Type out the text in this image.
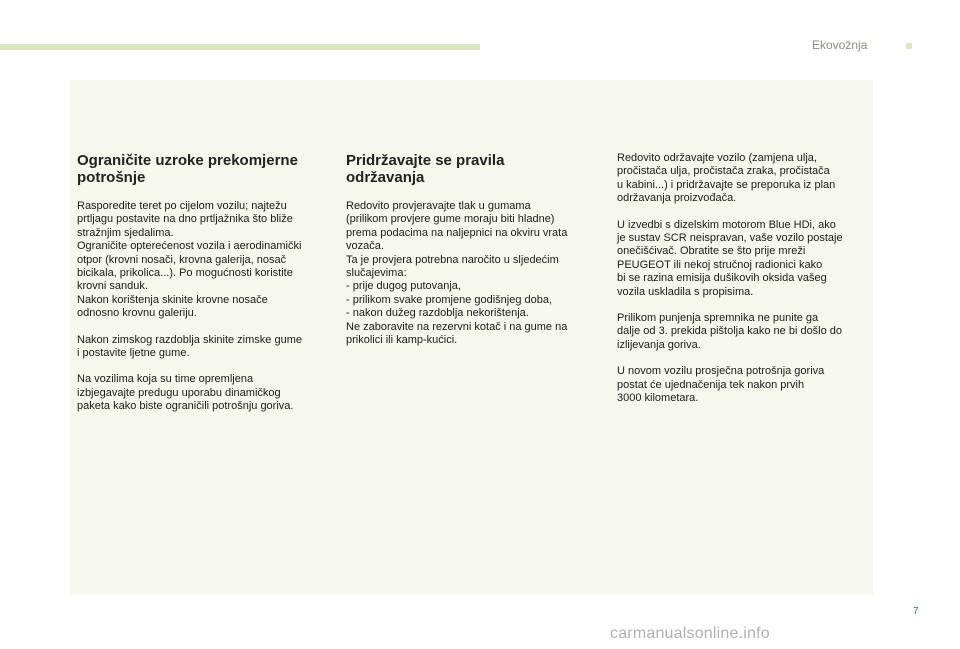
Ekovožnja
Ograničite uzroke prekomjerne
potrošnje

Rasporedite teret po cijelom vozilu; najtežu
prtljagu postavite na dno prtljažnika što bliže
stražnjim sjedalima.
Ograničite opterećenost vozila i aerodinamički
otpor (krovni nosači, krovna galerija, nosač
bicikala, prikolica...). Po mogućnosti koristite
krovni sanduk.
Nakon korištenja skinite krovne nosače
odnosno krovnu galeriju.

Nakon zimskog razdoblja skinite zimske gume
i postavite ljetne gume.

Na vozilima koja su time opremljena
izbjegavajte predugu uporabu dinamičkog
paketa kako biste ograničili potrošnju goriva.

Pridržavajte se pravila
održavanja

Redovito provjeravajte tlak u gumama
(prilikom provjere gume moraju biti hladne)
prema podacima na naljepnici na okviru vrata
vozača.
Ta je provjera potrebna naročito u sljedećim
slučajevima:
- prije dugog putovanja,
- prilikom svake promjene godišnjeg doba,
- nakon dužeg razdoblja nekorištenja.
Ne zaboravite na rezervni kotač i na gume na
prikolici ili kamp-kućici.

Redovito održavajte vozilo (zamjena ulja,
pročistača ulja, pročistača zraka, pročistača
u kabini...) i pridržavajte se preporuka iz plan
održavanja proizvođača.

U izvedbi s dizelskim motorom Blue HDi, ako
je sustav SCR neispravan, vaše vozilo postaje
onečišćivač. Obratite se što prije mreži
PEUGEOT ili nekoj stručnoj radionici kako
bi se razina emisija dušikovih oksida vašeg
vozila uskladila s propisima.

Prilikom punjenja spremnika ne punite ga
dalje od 3. prekida pištolja kako ne bi došlo do
izlijevanja goriva.

U novom vozilu prosječna potrošnja goriva
postat će ujednačenija tek nakon prvih
3000 kilometara.

7
carmanualsonline.info
